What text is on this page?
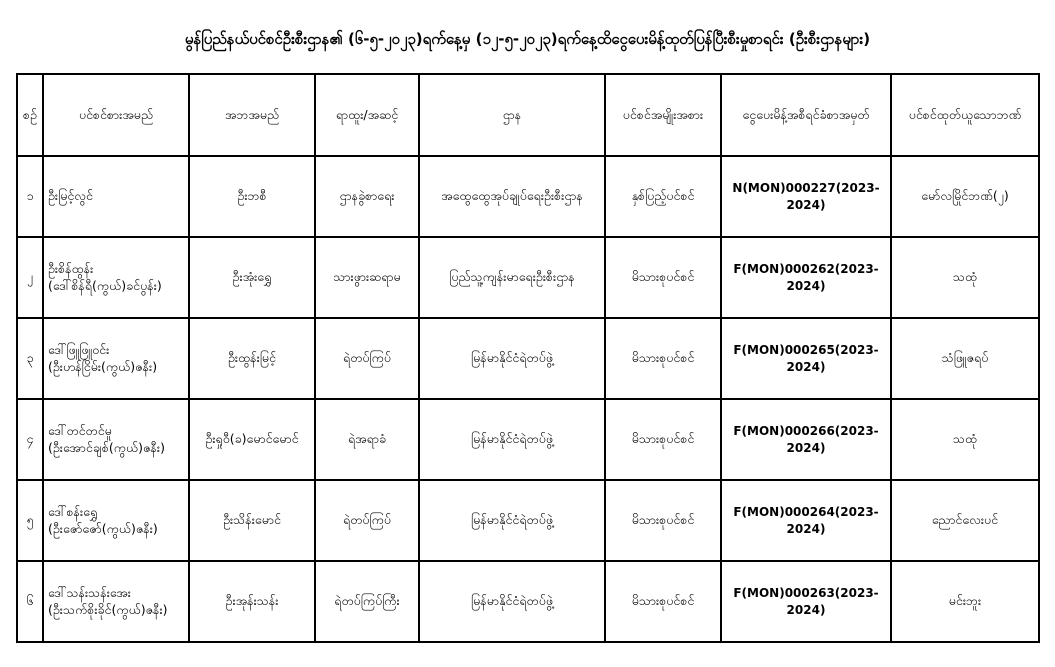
မွန်ပြည်နယ်ပင်စင်ဦးစီးဌာန၏ (၆-၅-၂၀၂၃)ရက်နေ့မှ (၁၂-၅-၂၀၂၃)ရက်နေ့ထိငွေပေးမိန့်ထုတ်ပြန်ပြီးစီးမှုစာရင်း (ဦးစီးဌာနများ)
စဉ်	ပင်စင်စားအမည်	အဘအမည်	ရာထူး/အဆင့်	ဌာန	ပင်စင်အမျိုးအစား	ငွေပေးမိန့်အစီရင်ခံစာအမှတ်	ပင်စင်ထုတ်ယူသောဘဏ်
၁	ဦးမြင့်လွင်	ဦးဘစီ	ဌာနခွဲစာရေး	အထွေထွေအုပ်ချုပ်ရေးဦးစီးဌာန	နှစ်ပြည့်ပင်စင်	N(MON)000227(2023-2024)	မော်လမြိုင်ဘဏ်(၂)
၂	ဦးစိန်ထွန်း
(ဒေါ်စိန်ရီ(ကွယ်)ခင်ပွန်း)	ဦးအုံးရွှေ	သားဖွားဆရာမ	ပြည်သူ့ကျန်းမာရေးဦးစီးဌာန	မိသားစုပင်စင်	F(MON)000262(2023-2024)	သထုံ
၃	ဒေါ်ဖြူဖြူဝင်း
(ဦးဟန်ငြိမ်း(ကွယ်)ဇနီး)	ဦးထွန်းမြင့်	ရဲတပ်ကြပ်	မြန်မာနိုင်ငံရဲတပ်ဖွဲ့	မိသားစုပင်စင်	F(MON)000265(2023-2024)	သံဖြူဇရပ်
၄	ဒေါ်တင်တင်မူ
(ဦးအောင်ချစ်(ကွယ်)ဇနီး)	ဦးရှုဝီ(ခ)မောင်မောင်	ရဲအရာခံ	မြန်မာနိုင်ငံရဲတပ်ဖွဲ့	မိသားစုပင်စင်	F(MON)000266(2023-2024)	သထုံ
၅	ဒေါ်စန်းရွှေ
(ဦးဇော်ဇော်(ကွယ်)ဇနီး)	ဦးသိန်းမောင်	ရဲတပ်ကြပ်	မြန်မာနိုင်ငံရဲတပ်ဖွဲ့	မိသားစုပင်စင်	F(MON)000264(2023-2024)	ညောင်လေးပင်
၆	ဒေါ်သန်းသန်းအေး
(ဦးသက်စိုးခိုင်(ကွယ်)ဇနီး)	ဦးအုန်းသန်း	ရဲတပ်ကြပ်ကြီး	မြန်မာနိုင်ငံရဲတပ်ဖွဲ့	မိသားစုပင်စင်	F(MON)000263(2023-2024)	မင်းဘူး
